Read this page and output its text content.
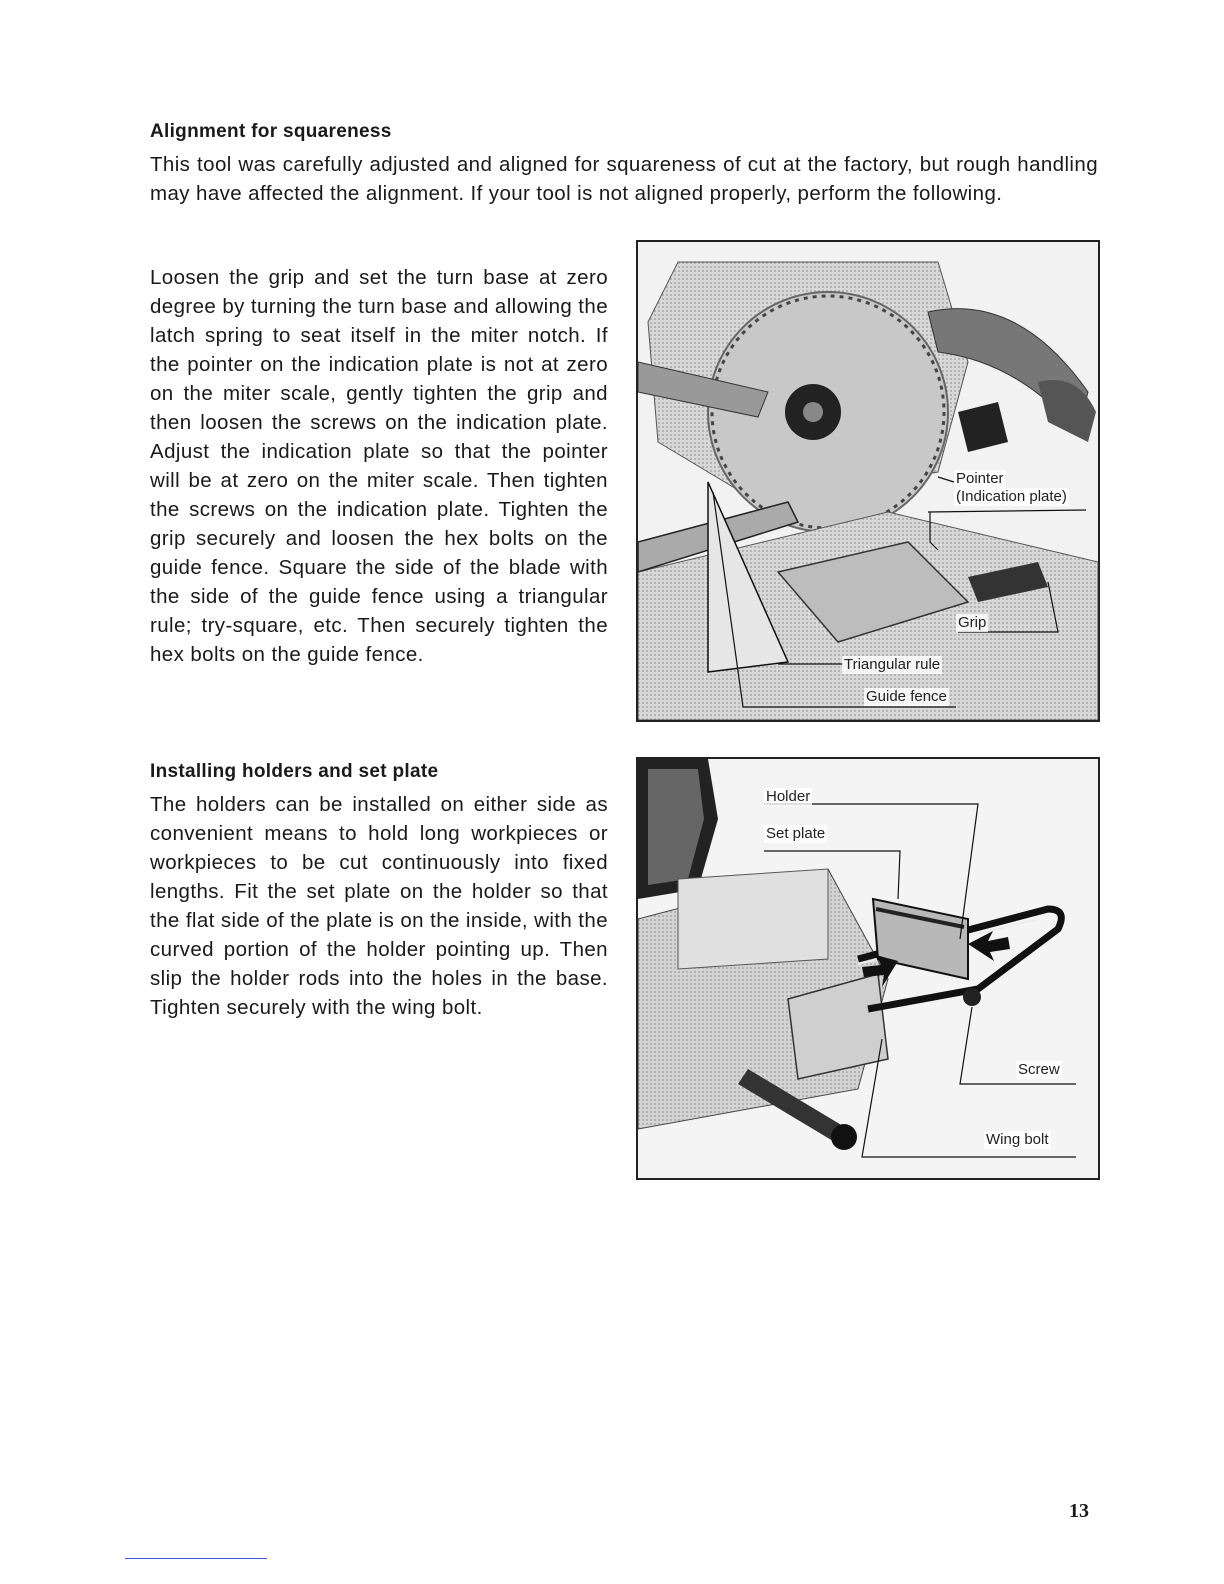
Alignment for squareness
This tool was carefully adjusted and aligned for squareness of cut at the factory, but rough handling may have affected the alignment. If your tool is not aligned properly, perform the following.
Loosen the grip and set the turn base at zero degree by turning the turn base and allowing the latch spring to seat itself in the miter notch. If the pointer on the indication plate is not at zero on the miter scale, gently tighten the grip and then loosen the screws on the indication plate. Adjust the indication plate so that the pointer will be at zero on the miter scale. Then tighten the screws on the indication plate. Tighten the grip securely and loosen the hex bolts on the guide fence. Square the side of the blade with the side of the guide fence using a triangular rule; try-square, etc. Then securely tighten the hex bolts on the guide fence.
Pointer
(Indication plate)
Grip
Triangular rule
Guide fence
Installing holders and set plate
The holders can be installed on either side as convenient means to hold long workpieces or workpieces to be cut continuously into fixed lengths. Fit the set plate on the holder so that the flat side of the plate is on the inside, with the curved portion of the holder pointing up. Then slip the holder rods into the holes in the base. Tighten securely with the wing bolt.
Holder
Set plate
Screw
Wing bolt
13
